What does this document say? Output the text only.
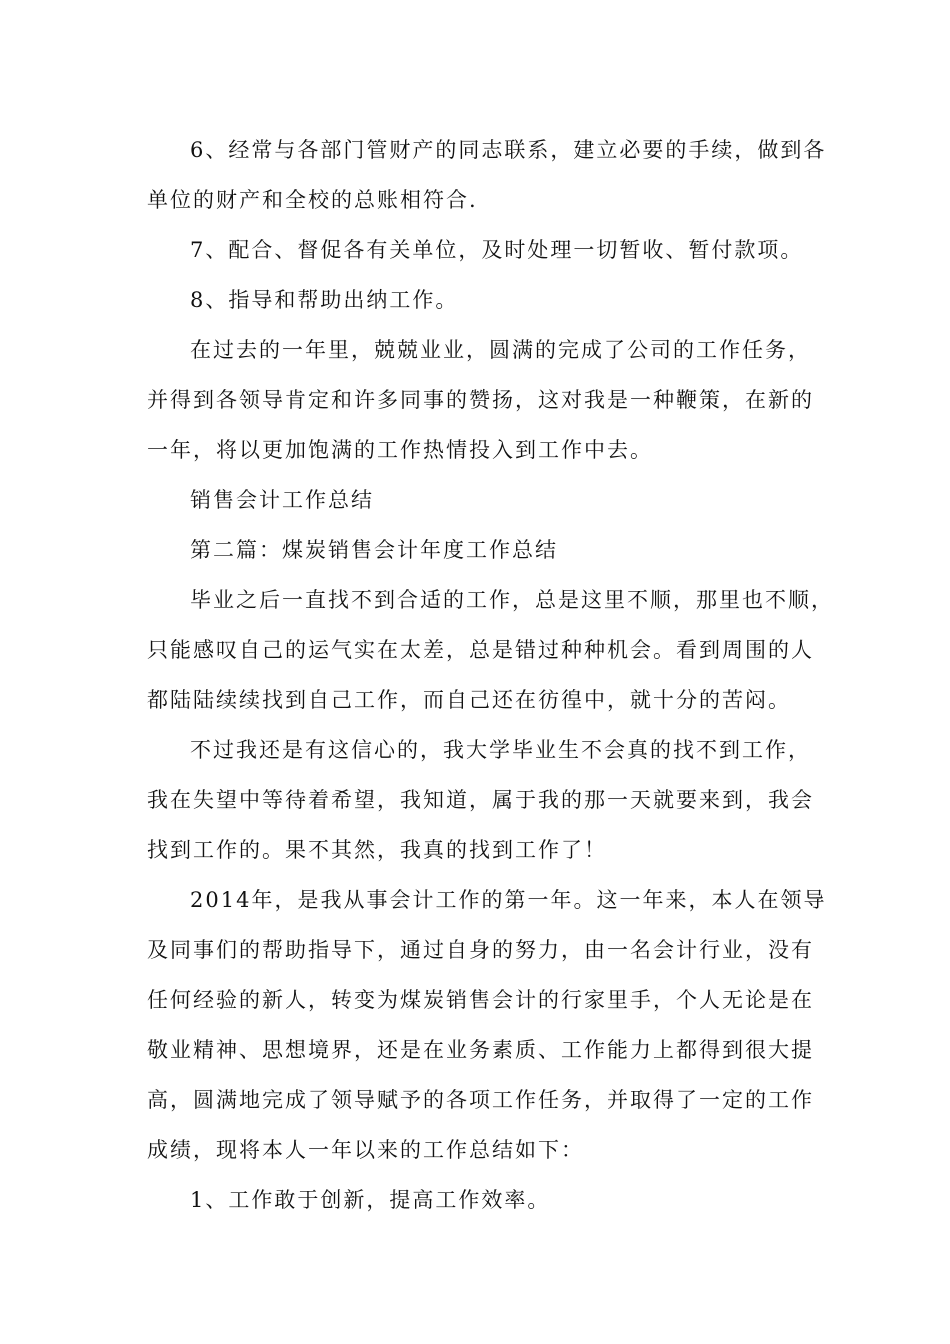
6、经常与各部门管财产的同志联系，建立必要的手续，做到各
单位的财产和全校的总账相符合.
7、配合、督促各有关单位，及时处理一切暂收、暂付款项。
8、指导和帮助出纳工作。
在过去的一年里，兢兢业业，圆满的完成了公司的工作任务，
并得到各领导肯定和许多同事的赞扬，这对我是一种鞭策，在新的
一年，将以更加饱满的工作热情投入到工作中去。
销售会计工作总结
第二篇：煤炭销售会计年度工作总结
毕业之后一直找不到合适的工作，总是这里不顺，那里也不顺，
只能感叹自己的运气实在太差，总是错过种种机会。看到周围的人
都陆陆续续找到自己工作，而自己还在彷徨中，就十分的苦闷。
不过我还是有这信心的，我大学毕业生不会真的找不到工作，
我在失望中等待着希望，我知道，属于我的那一天就要来到，我会
找到工作的。果不其然，我真的找到工作了！
2014年，是我从事会计工作的第一年。这一年来，本人在领导
及同事们的帮助指导下，通过自身的努力，由一名会计行业，没有
任何经验的新人，转变为煤炭销售会计的行家里手，个人无论是在
敬业精神、思想境界，还是在业务素质、工作能力上都得到很大提
高，圆满地完成了领导赋予的各项工作任务，并取得了一定的工作
成绩，现将本人一年以来的工作总结如下：
1、工作敢于创新，提高工作效率。
